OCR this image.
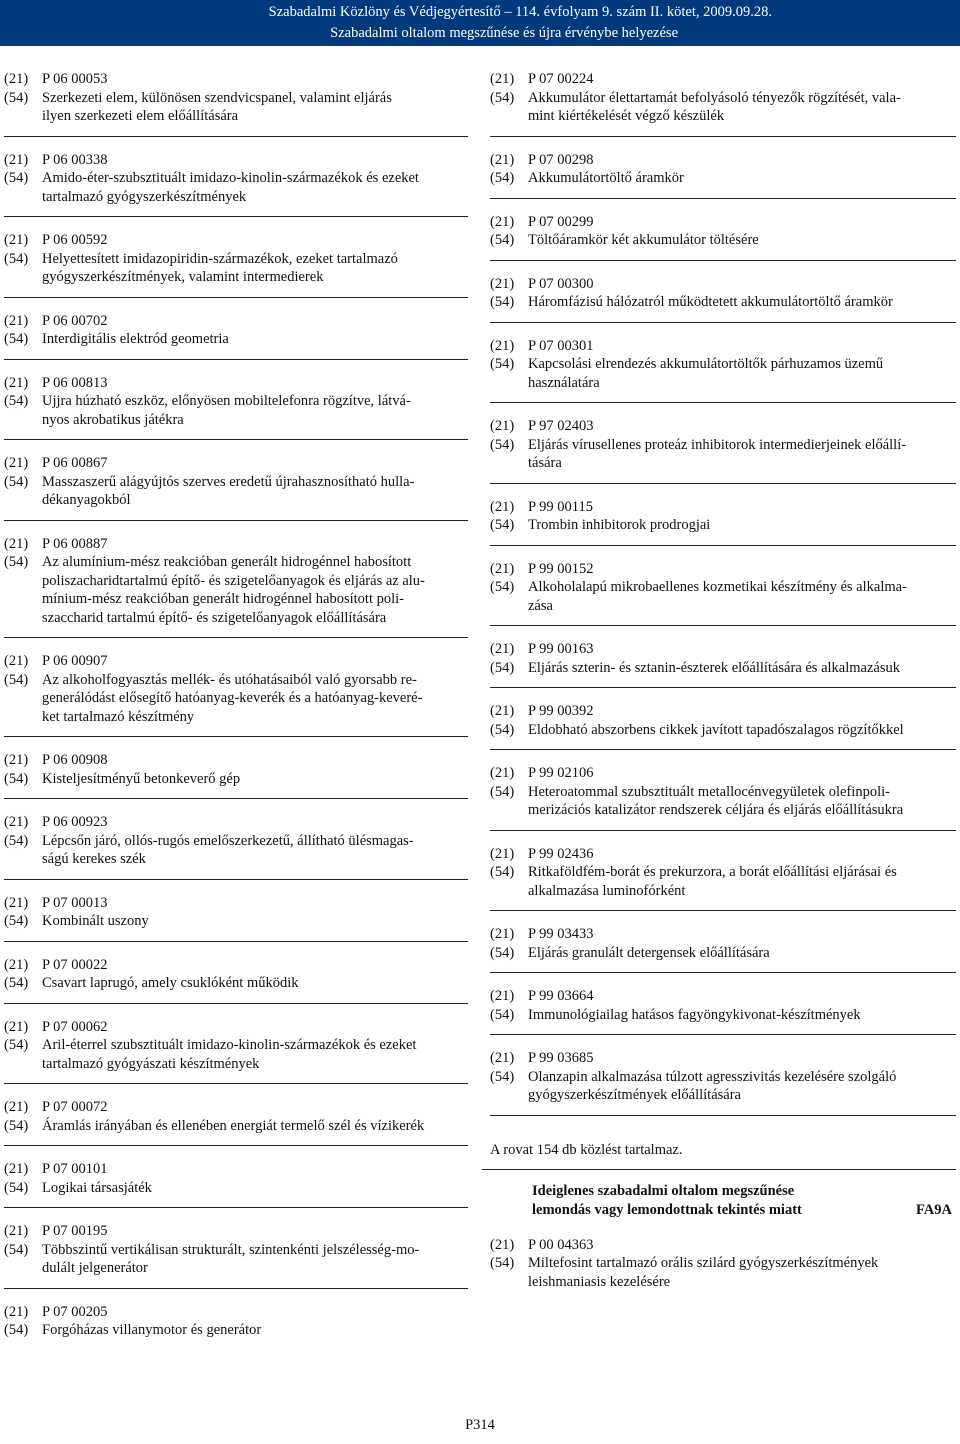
Szabadalmi Közlöny és Védjegyértesítő – 114. évfolyam 9. szám II. kötet, 2009.09.28.
Szabadalmi oltalom megszűnése és újra érvénybe helyezése
(21) P 06 00053
(54) Szerkezeti elem, különösen szendvicspanel, valamint eljárás
ilyen szerkezeti elem előállítására
(21) P 06 00338
(54) Amido-éter-szubsztituált imidazo-kinolin-származékok és ezeket
tartalmazó gyógyszerkészítmények
(21) P 06 00592
(54) Helyettesített imidazopiridin-származékok, ezeket tartalmazó
gyógyszerkészítmények, valamint intermedierek
(21) P 06 00702
(54) Interdigitális elektród geometria
(21) P 06 00813
(54) Ujjra húzható eszköz, előnyösen mobiltelefonra rögzítve, látvá-
nyos akrobatikus játékra
(21) P 06 00867
(54) Masszaszerű alágyújtós szerves eredetű újrahasznosítható hulla-
dékanyagokból
(21) P 06 00887
(54) Az alumínium-mész reakcióban generált hidrogénnel habosított
poliszacharidtartalmú építő- és szigetelőanyagok és eljárás az alu-
mínium-mész reakcióban generált hidrogénnel habosított poli-
szaccharid tartalmú építő- és szigetelőanyagok előállítására
(21) P 06 00907
(54) Az alkoholfogyasztás mellék- és utóhatásaiból való gyorsabb re-
generálódást elősegítő hatóanyag-keverék és a hatóanyag-keveré-
ket tartalmazó készítmény
(21) P 06 00908
(54) Kisteljesítményű betonkeverő gép
(21) P 06 00923
(54) Lépcsőn járó, ollós-rugós emelőszerkezetű, állítható ülésmagas-
ságú kerekes szék
(21) P 07 00013
(54) Kombinált uszony
(21) P 07 00022
(54) Csavart laprugó, amely csuklóként működik
(21) P 07 00062
(54) Aril-éterrel szubsztituált imidazo-kinolin-származékok és ezeket
tartalmazó gyógyászati készítmények
(21) P 07 00072
(54) Áramlás irányában és ellenében energiát termelő szél és vízikerék
(21) P 07 00101
(54) Logikai társasjáték
(21) P 07 00195
(54) Többszintű vertikálisan strukturált, szintenkénti jelszélesség-mo-
dulált jelgenerátor
(21) P 07 00205
(54) Forgóházas villanymotor és generátor
(21) P 07 00224
(54) Akkumulátor élettartamát befolyásoló tényezők rögzítését, vala-
mint kiértékelését végző készülék
(21) P 07 00298
(54) Akkumulátortöltő áramkör
(21) P 07 00299
(54) Töltőáramkör két akkumulátor töltésére
(21) P 07 00300
(54) Háromfázisú hálózatról működtetett akkumulátortöltő áramkör
(21) P 07 00301
(54) Kapcsolási elrendezés akkumulátortöltők párhuzamos üzemű
használatára
(21) P 97 02403
(54) Eljárás vírusellenes proteáz inhibitorok intermedierjeinek előállí-
tására
(21) P 99 00115
(54) Trombin inhibitorok prodrogjai
(21) P 99 00152
(54) Alkoholalapú mikrobaellenes kozmetikai készítmény és alkalma-
zása
(21) P 99 00163
(54) Eljárás szterin- és sztanin-észterek előállítására és alkalmazásuk
(21) P 99 00392
(54) Eldobható abszorbens cikkek javított tapadószalagos rögzítőkkel
(21) P 99 02106
(54) Heteroatommal szubsztituált metallocénvegyületek olefinpoli-
merizációs katalizátor rendszerek céljára és eljárás előállításukra
(21) P 99 02436
(54) Ritkaföldfém-borát és prekurzora, a borát előállítási eljárásai és
alkalmazása luminofórként
(21) P 99 03433
(54) Eljárás granulált detergensek előállítására
(21) P 99 03664
(54) Immunológiailag hatásos fagyöngykivonat-készítmények
(21) P 99 03685
(54) Olanzapin alkalmazása túlzott agresszivitás kezelésére szolgáló
gyógyszerkészítmények előállítására
A rovat 154 db közlést tartalmaz.
Ideiglenes szabadalmi oltalom megszűnése
lemondás vagy lemondottnak tekintés miatt	FA9A
(21) P 00 04363
(54) Miltefosint tartalmazó orális szilárd gyógyszerkészítmények
leishmaniasis kezelésére
P314
